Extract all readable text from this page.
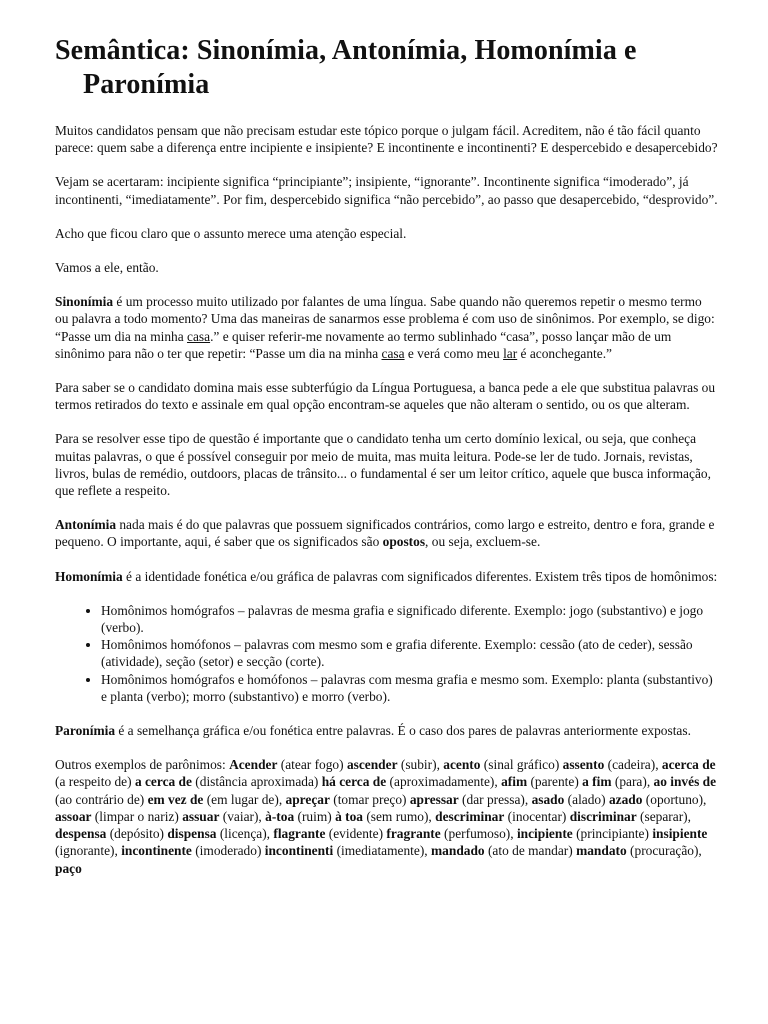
Semântica: Sinonímia, Antonímia, Homonímia e
Paronímia

Muitos candidatos pensam que não precisam estudar este tópico porque o julgam fácil. Acreditem, não é tão fácil quanto parece: quem sabe a diferença entre incipiente e insipiente? E incontinente e incontinenti? E despercebido e desapercebido?

Vejam se acertaram: incipiente significa “principiante”; insipiente, “ignorante”. Incontinente significa “imoderado”, já incontinenti, “imediatamente”. Por fim, despercebido significa “não percebido”, ao passo que desapercebido, “desprovido”.

Acho que ficou claro que o assunto merece uma atenção especial.

Vamos a ele, então.

Sinonímia é um processo muito utilizado por falantes de uma língua. Sabe quando não queremos repetir o mesmo termo ou palavra a todo momento? Uma das maneiras de sanarmos esse problema é com uso de sinônimos. Por exemplo, se digo: “Passe um dia na minha casa.” e quiser referir-me novamente ao termo sublinhado “casa”, posso lançar mão de um sinônimo para não o ter que repetir: “Passe um dia na minha casa e verá como meu lar é aconchegante.”

Para saber se o candidato domina mais esse subterfúgio da Língua Portuguesa, a banca pede a ele que substitua palavras ou termos retirados do texto e assinale em qual opção encontram-se aqueles que não alteram o sentido, ou os que alteram.

Para se resolver esse tipo de questão é importante que o candidato tenha um certo domínio lexical, ou seja, que conheça muitas palavras, o que é possível conseguir por meio de muita, mas muita leitura. Pode-se ler de tudo. Jornais, revistas, livros, bulas de remédio, outdoors, placas de trânsito... o fundamental é ser um leitor crítico, aquele que busca informação, que reflete a respeito.

Antonímia nada mais é do que palavras que possuem significados contrários, como largo e estreito, dentro e fora, grande e pequeno. O importante, aqui, é saber que os significados são opostos, ou seja, excluem-se.

Homonímia é a identidade fonética e/ou gráfica de palavras com significados diferentes. Existem três tipos de homônimos:

• Homônimos homógrafos – palavras de mesma grafia e significado diferente. Exemplo: jogo (substantivo) e jogo (verbo).
• Homônimos homófonos – palavras com mesmo som e grafia diferente. Exemplo: cessão (ato de ceder), sessão (atividade), seção (setor) e secção (corte).
• Homônimos homógrafos e homófonos – palavras com mesma grafia e mesmo som. Exemplo: planta (substantivo) e planta (verbo); morro (substantivo) e morro (verbo).

Paronímia é a semelhança gráfica e/ou fonética entre palavras. É o caso dos pares de palavras anteriormente expostas.

Outros exemplos de parônimos: Acender (atear fogo) ascender (subir), acento (sinal gráfico) assento (cadeira), acerca de (a respeito de) a cerca de (distância aproximada) há cerca de (aproximadamente), afim (parente) a fim (para), ao invés de (ao contrário de) em vez de (em lugar de), apreçar (tomar preço) apressar (dar pressa), asado (alado) azado (oportuno), assoar (limpar o nariz) assuar (vaiar), à-toa (ruim) à toa (sem rumo), descriminar (inocentar) discriminar (separar), despensa (depósito) dispensa (licença), flagrante (evidente) fragrante (perfumoso), incipiente (principiante) insipiente (ignorante), incontinente (imoderado) incontinenti (imediatamente), mandado (ato de mandar) mandato (procuração), paço
